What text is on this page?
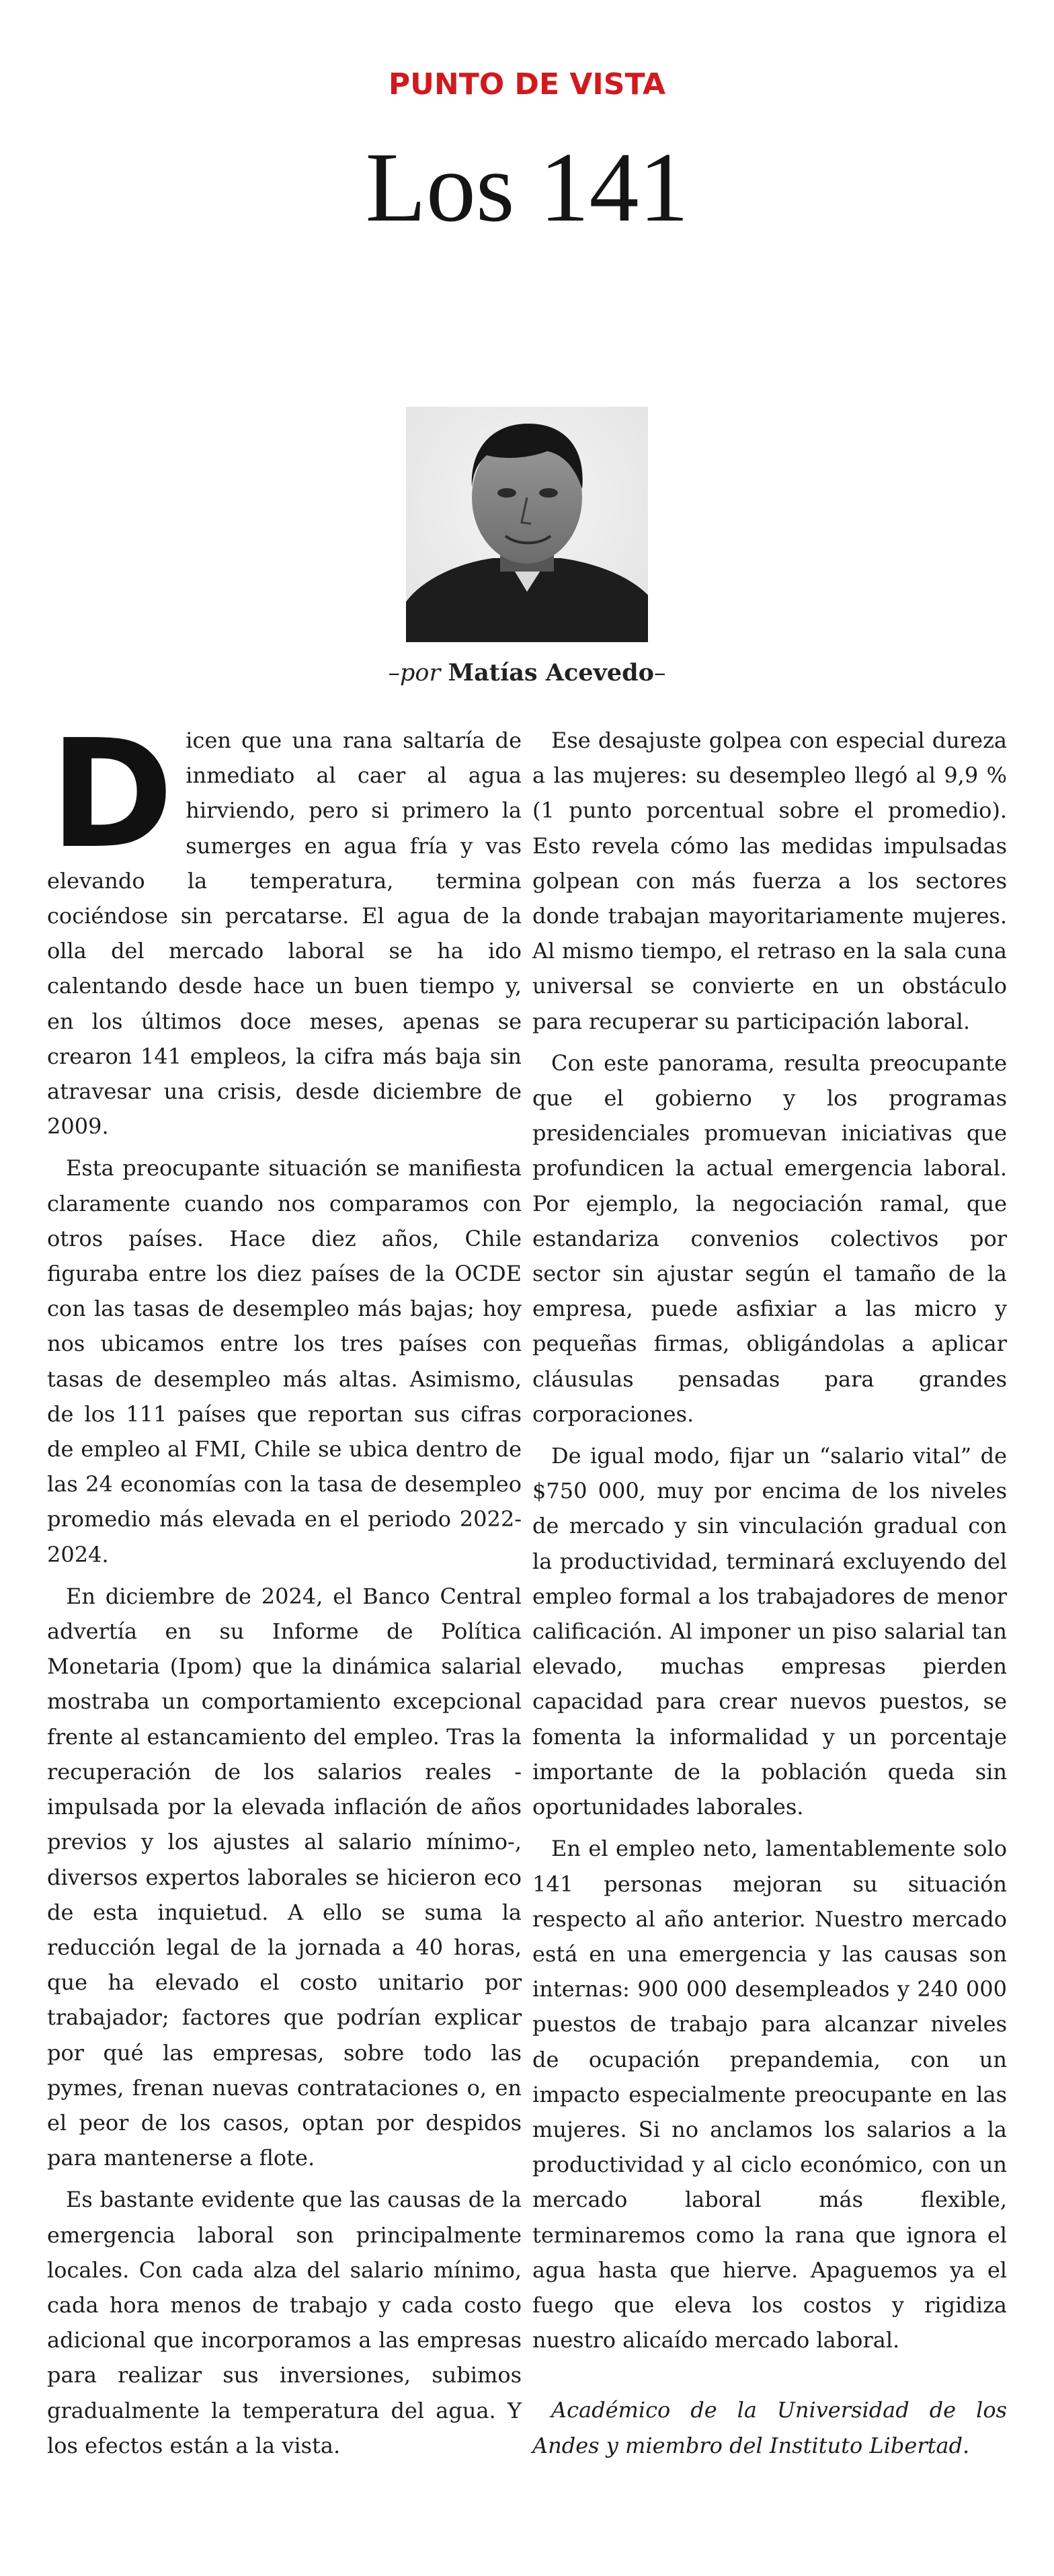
PUNTO DE VISTA
Los 141
–por Matías Acevedo–

Dicen que una rana saltaría de inmediato al caer al agua hirviendo, pero si primero la sumerges en agua fría y vas elevando la temperatura, termina cociéndose sin percatarse. El agua de la olla del mercado laboral se ha ido calentando desde hace un buen tiempo y, en los últimos doce meses, apenas se crearon 141 empleos, la cifra más baja sin atravesar una crisis, desde diciembre de 2009.

Esta preocupante situación se manifiesta claramente cuando nos comparamos con otros países. Hace diez años, Chile figuraba entre los diez países de la OCDE con las tasas de desempleo más bajas; hoy nos ubicamos entre los tres países con tasas de desempleo más altas. Asimismo, de los 111 países que reportan sus cifras de empleo al FMI, Chile se ubica dentro de las 24 economías con la tasa de desempleo promedio más elevada en el periodo 2022-2024.

En diciembre de 2024, el Banco Central advertía en su Informe de Política Monetaria (Ipom) que la dinámica salarial mostraba un comportamiento excepcional frente al estancamiento del empleo. Tras la recuperación de los salarios reales -impulsada por la elevada inflación de años previos y los ajustes al salario mínimo-, diversos expertos laborales se hicieron eco de esta inquietud. A ello se suma la reducción legal de la jornada a 40 horas, que ha elevado el costo unitario por trabajador; factores que podrían explicar por qué las empresas, sobre todo las pymes, frenan nuevas contrataciones o, en el peor de los casos, optan por despidos para mantenerse a flote.

Es bastante evidente que las causas de la emergencia laboral son principalmente locales. Con cada alza del salario mínimo, cada hora menos de trabajo y cada costo adicional que incorporamos a las empresas para realizar sus inversiones, subimos gradualmente la temperatura del agua. Y los efectos están a la vista.

Ese desajuste golpea con especial dureza a las mujeres: su desempleo llegó al 9,9 % (1 punto porcentual sobre el promedio). Esto revela cómo las medidas impulsadas golpean con más fuerza a los sectores donde trabajan mayoritariamente mujeres. Al mismo tiempo, el retraso en la sala cuna universal se convierte en un obstáculo para recuperar su participación laboral.

Con este panorama, resulta preocupante que el gobierno y los programas presidenciales promuevan iniciativas que profundicen la actual emergencia laboral. Por ejemplo, la negociación ramal, que estandariza convenios colectivos por sector sin ajustar según el tamaño de la empresa, puede asfixiar a las micro y pequeñas firmas, obligándolas a aplicar cláusulas pensadas para grandes corporaciones.

De igual modo, fijar un “salario vital” de $750 000, muy por encima de los niveles de mercado y sin vinculación gradual con la productividad, terminará excluyendo del empleo formal a los trabajadores de menor calificación. Al imponer un piso salarial tan elevado, muchas empresas pierden capacidad para crear nuevos puestos, se fomenta la informalidad y un porcentaje importante de la población queda sin oportunidades laborales.

En el empleo neto, lamentablemente solo 141 personas mejoran su situación respecto al año anterior. Nuestro mercado está en una emergencia y las causas son internas: 900 000 desempleados y 240 000 puestos de trabajo para alcanzar niveles de ocupación prepandemia, con un impacto especialmente preocupante en las mujeres. Si no anclamos los salarios a la productividad y al ciclo económico, con un mercado laboral más flexible, terminaremos como la rana que ignora el agua hasta que hierve. Apaguemos ya el fuego que eleva los costos y rigidiza nuestro alicaído mercado laboral.

Académico de la Universidad de los Andes y miembro del Instituto Libertad.
